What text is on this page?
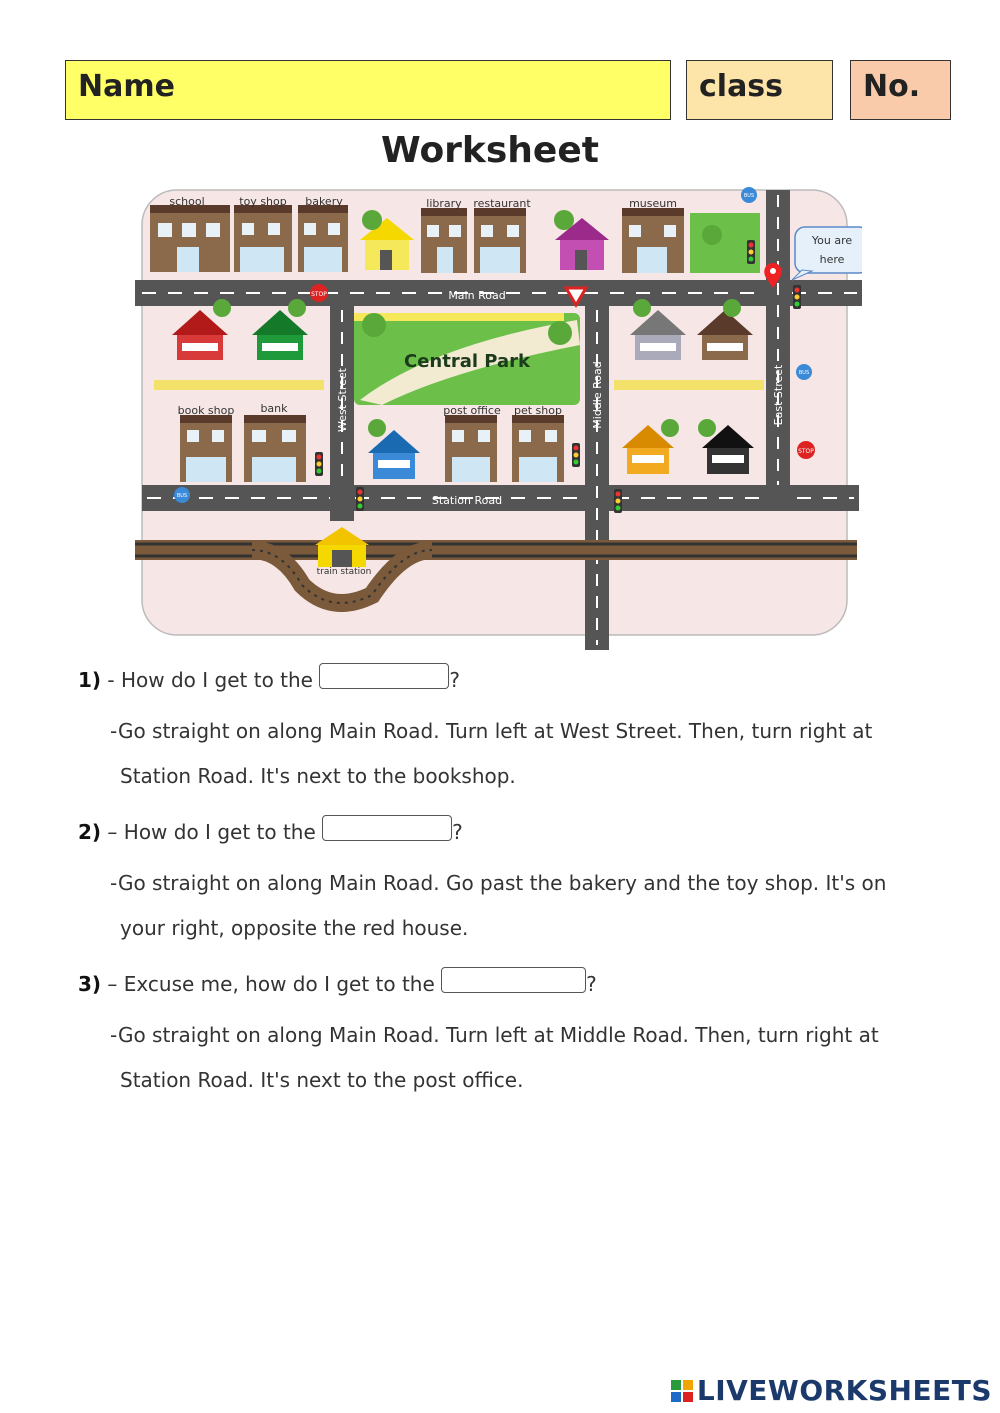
Name	class	No.
Worksheet
Central Park
Main Road
Station Road
West Street	Middle Road	East Street
school	toy shop bakery	library restaurant	museum
book shop bank	post office pet shop
train station
STOP
STOP
BUS
BUS
BUS
You are here
1) - How do I get to the	?
-Go straight on along Main Road. Turn left at West Street. Then, turn right at
Station Road. It's next to the bookshop.
2) – How do I get to the	?
-Go straight on along Main Road. Go past the bakery and the toy shop. It's on
your right, opposite the red house.
3) – Excuse me, how do I get to the	?
-Go straight on along Main Road. Turn left at Middle Road. Then, turn right at
Station Road. It's next to the post office.
LIVEWORKSHEETS
